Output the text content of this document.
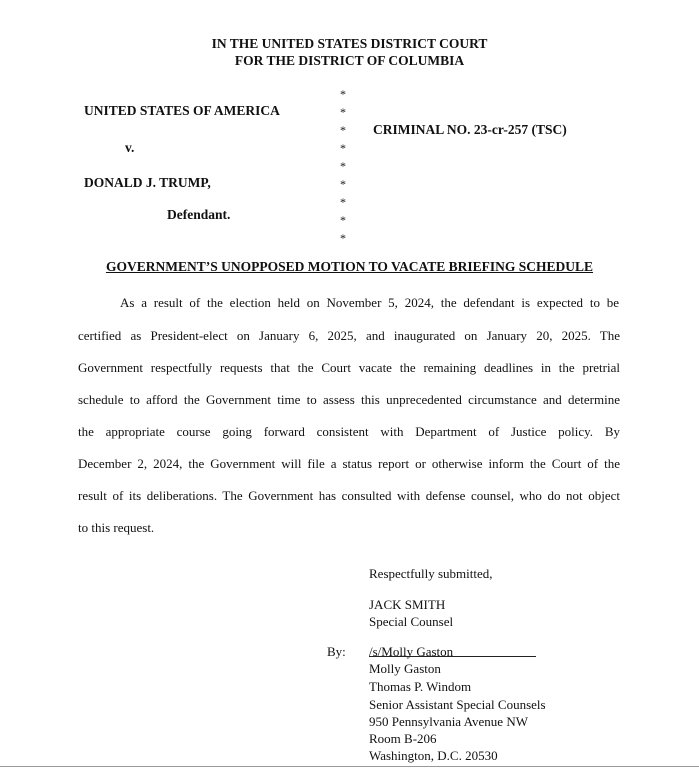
IN THE UNITED STATES DISTRICT COURT
FOR THE DISTRICT OF COLUMBIA
UNITED STATES OF AMERICA
v.
DONALD J. TRUMP,
Defendant.
*
*
*
*
*
*
*
*
*
CRIMINAL NO. 23-cr-257 (TSC)
GOVERNMENT’S UNOPPOSED MOTION TO VACATE BRIEFING SCHEDULE
As a result of the election held on November 5, 2024, the defendant is expected to be
certified as President-elect on January 6, 2025, and inaugurated on January 20, 2025. The
Government respectfully requests that the Court vacate the remaining deadlines in the pretrial
schedule to afford the Government time to assess this unprecedented circumstance and determine
the appropriate course going forward consistent with Department of Justice policy. By
December 2, 2024, the Government will file a status report or otherwise inform the Court of the
result of its deliberations. The Government has consulted with defense counsel, who do not object
to this request.
Respectfully submitted,
JACK SMITH
Special Counsel
By: /s/Molly Gaston
Molly Gaston
Thomas P. Windom
Senior Assistant Special Counsels
950 Pennsylvania Avenue NW
Room B-206
Washington, D.C. 20530
